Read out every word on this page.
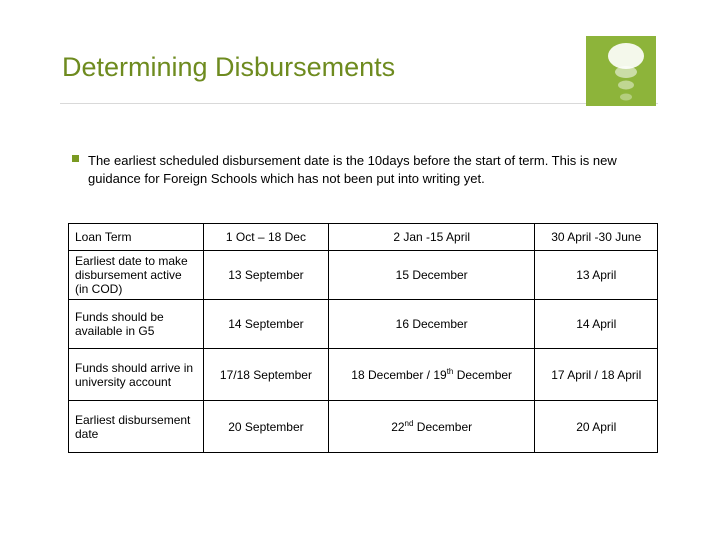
Determining Disbursements
The earliest scheduled disbursement date is the 10days before the start of term. This is new guidance for Foreign Schools which has not been put into writing yet.
Loan Term	1 Oct – 18 Dec	2 Jan -15 April	30 April -30 June
Earliest date to make disbursement active (in COD)	13 September	15 December	13 April
Funds should be available in G5	14 September	16 December	14 April
Funds should arrive in university account	17/18 September	18 December / 19th December	17 April / 18 April
Earliest disbursement date	20 September	22nd December	20 April
